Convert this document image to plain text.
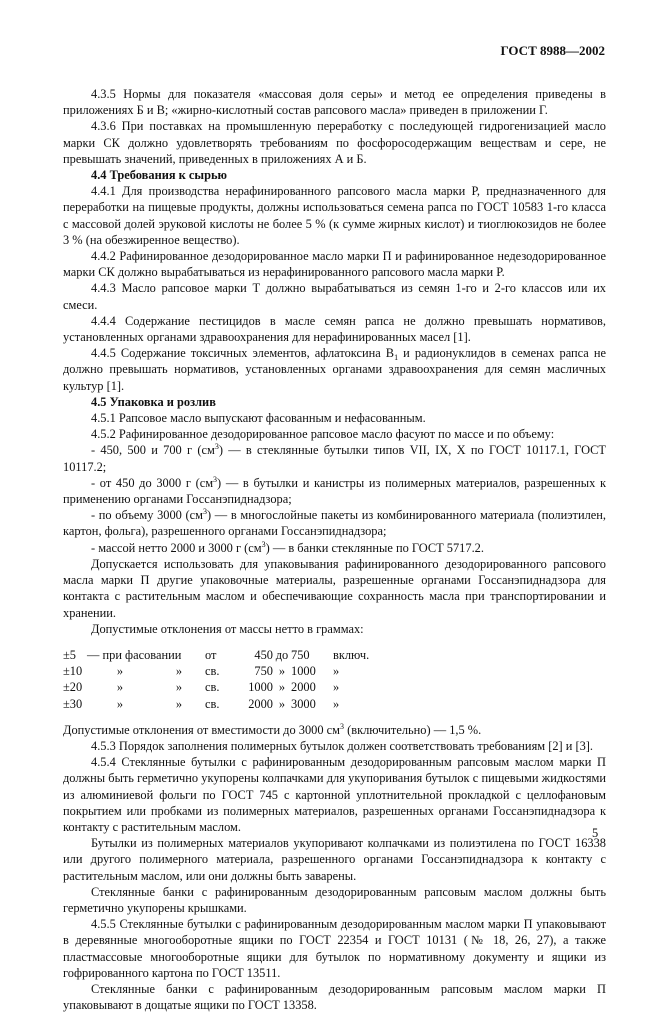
ГОСТ 8988—2002

4.3.5 Нормы для показателя «массовая доля серы» и метод ее определения приведены в приложениях Б и В; «жирно-кислотный состав рапсового масла» приведен в приложении Г.

4.3.6 При поставках на промышленную переработку с последующей гидрогенизацией масло марки СК должно удовлетворять требованиям по фосфоросодержащим веществам и сере, не превышать значений, приведенных в приложениях А и Б.

4.4 Требования к сырью

4.4.1 Для производства нерафинированного рапсового масла марки Р, предназначенного для переработки на пищевые продукты, должны использоваться семена рапса по ГОСТ 10583 1-го класса с массовой долей эруковой кислоты не более 5 % (к сумме жирных кислот) и тиоглюкозидов не более 3 % (на обезжиренное вещество).

4.4.2 Рафинированное дезодорированное масло марки П и рафинированное недезодорированное марки СК должно вырабатываться из нерафинированного рапсового масла марки Р.

4.4.3 Масло рапсовое марки Т должно вырабатываться из семян 1-го и 2-го классов или их смеси.

4.4.4 Содержание пестицидов в масле семян рапса не должно превышать нормативов, установленных органами здравоохранения для нерафинированных масел [1].

4.4.5 Содержание токсичных элементов, афлатоксина $B_1$ и радионуклидов в семенах рапса не должно превышать нормативов, установленных органами здравоохранения для семян масличных культур [1].

4.5 Упаковка и розлив

4.5.1 Рапсовое масло выпускают фасованным и нефасованным.

4.5.2 Рафинированное дезодорированное рапсовое масло фасуют по массе и по объему:

- 450, 500 и 700 г $(см^3)$ — в стеклянные бутылки типов VII, IX, X по ГОСТ 10117.1, ГОСТ 10117.2;

- от 450 до 3000 г $(см^3)$ — в бутылки и канистры из полимерных материалов, разрешенных к применению органами Госсанэпиднадзора;

- по объему 3000 $(см^3)$ — в многослойные пакеты из комбинированного материала (полиэтилен, картон, фольга), разрешенного органами Госсанэпиднадзора;

- массой нетто 2000 и 3000 г $(см^3)$ — в банки стеклянные по ГОСТ 5717.2.

Допускается использовать для упаковывания рафинированного дезодорированного рапсового масла марки П другие упаковочные материалы, разрешенные органами Госсанэпиднадзора для контакта с растительным маслом и обеспечивающие сохранность масла при транспортировании и хранении.

Допустимые отклонения от массы нетто в граммах:

±5	— при фасовании		от	450	до	750	включ.
±10	»	»	св.	750	»	1000	»
±20	»	»	св.	1000	»	2000	»
±30	»	»	св.	2000	»	3000	»

Допустимые отклонения от вместимости до 3000 $см^3$ (включительно) — 1,5 %.

4.5.3 Порядок заполнения полимерных бутылок должен соответствовать требованиям [2] и [3].

4.5.4 Стеклянные бутылки с рафинированным дезодорированным рапсовым маслом марки П должны быть герметично укупорены колпачками для укупоривания бутылок с пищевыми жидкостями из алюминиевой фольги по ГОСТ 745 с картонной уплотнительной прокладкой с целлофановым покрытием или пробками из полимерных материалов, разрешенных органами Госсанэпиднадзора к контакту с растительным маслом.

Бутылки из полимерных материалов укупоривают колпачками из полиэтилена по ГОСТ 16338 или другого полимерного материала, разрешенного органами Госсанэпиднадзора к контакту с растительным маслом, или они должны быть заварены.

Стеклянные банки с рафинированным дезодорированным рапсовым маслом должны быть герметично укупорены крышками.

4.5.5 Стеклянные бутылки с рафинированным дезодорированным маслом марки П упаковывают в деревянные многооборотные ящики по ГОСТ 22354 и ГОСТ 10131 (№ 18, 26, 27), а также пластмассовые многооборотные ящики для бутылок по нормативному документу и ящики из гофрированного картона по ГОСТ 13511.

Стеклянные банки с рафинированным дезодорированным рапсовым маслом марки П упаковывают в дощатые ящики по ГОСТ 13358.

5
